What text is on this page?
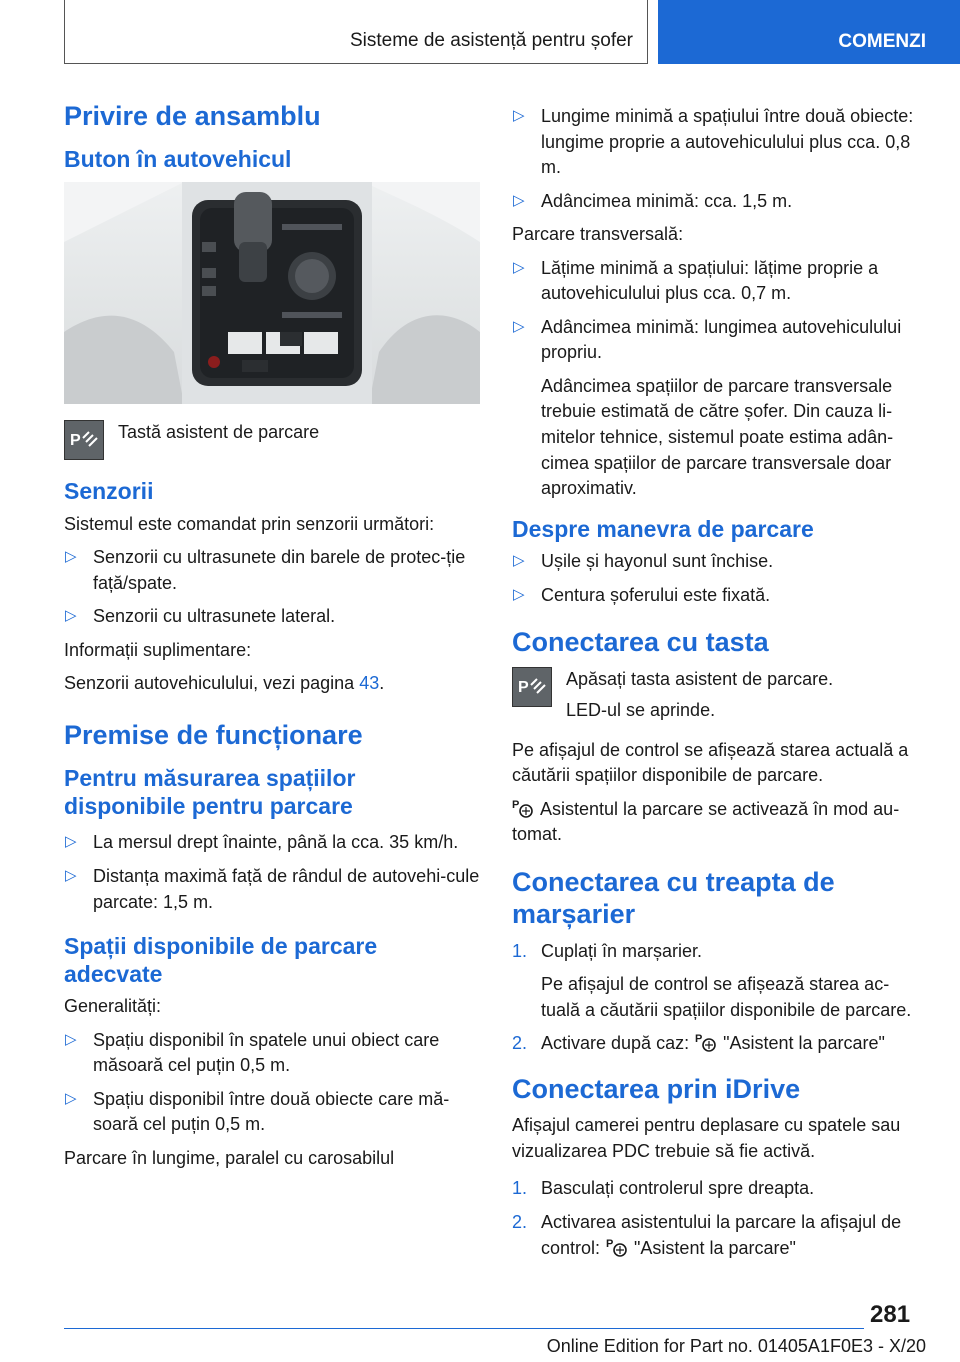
Sisteme de asistență pentru șofer	COMENZI
Privire de ansamblu
Buton în autovehicul
P Tastă asistent de parcare
Senzorii

Sistemul este comandat prin senzorii următori:

▷ Senzorii cu ultrasunete din barele de protec-ție față/spate.
▷ Senzorii cu ultrasunete lateral.

Informații suplimentare:

Senzorii autovehiculului, vezi pagina 43.

Premise de funcționare
Pentru măsurarea spațiilor disponibile pentru parcare
▷ La mersul drept înainte, până la cca. 35 km/h.
▷ Distanța maximă față de rândul de autovehi-cule parcate: 1,5 m.
Spații disponibile de parcare adecvate

Generalități:

▷ Spațiu disponibil în spatele unui obiect care măsoară cel puțin 0,5 m.
▷ Spațiu disponibil între două obiecte care mă-soară cel puțin 0,5 m.

Parcare în lungime, paralel cu carosabilul

▷ Lungime minimă a spațiului între două obiecte: lungime proprie a autovehiculului plus cca. 0,8 m.
▷ Adâncimea minimă: cca. 1,5 m.

Parcare transversală:

▷ Lățime minimă a spațiului: lățime proprie a autovehiculului plus cca. 0,7 m.
▷ Adâncimea minimă: lungimea autovehiculului propriu.
Adâncimea spațiilor de parcare transversale trebuie estimată de către șofer. Din cauza li-mitelor tehnice, sistemul poate estima adân-cimea spațiilor de parcare transversale doar aproximativ.
Despre manevra de parcare
▷ Ușile și hayonul sunt închise.
▷ Centura șoferului este fixată.
Conectarea cu tasta
P Apăsați tasta asistent de parcare.
LED-ul se aprinde.

Pe afișajul de control se afișează starea actuală a căutării spațiilor disponibile de parcare.

P Asistentul la parcare se activează în mod au-tomat.

Conectarea cu treapta de marșarier
1. Cuplați în marșarier.
Pe afișajul de control se afișează starea ac-tuală a căutării spațiilor disponibile de parcare.
2. Activare după caz: P "Asistent la parcare"
Conectarea prin iDrive

Afișajul camerei pentru deplasare cu spatele sau vizualizarea PDC trebuie să fie activă.

1. Basculați controlerul spre dreapta.
2. Activarea asistentului la parcare la afișajul de control: P "Asistent la parcare"
281
Online Edition for Part no. 01405A1F0E3 - X/20
